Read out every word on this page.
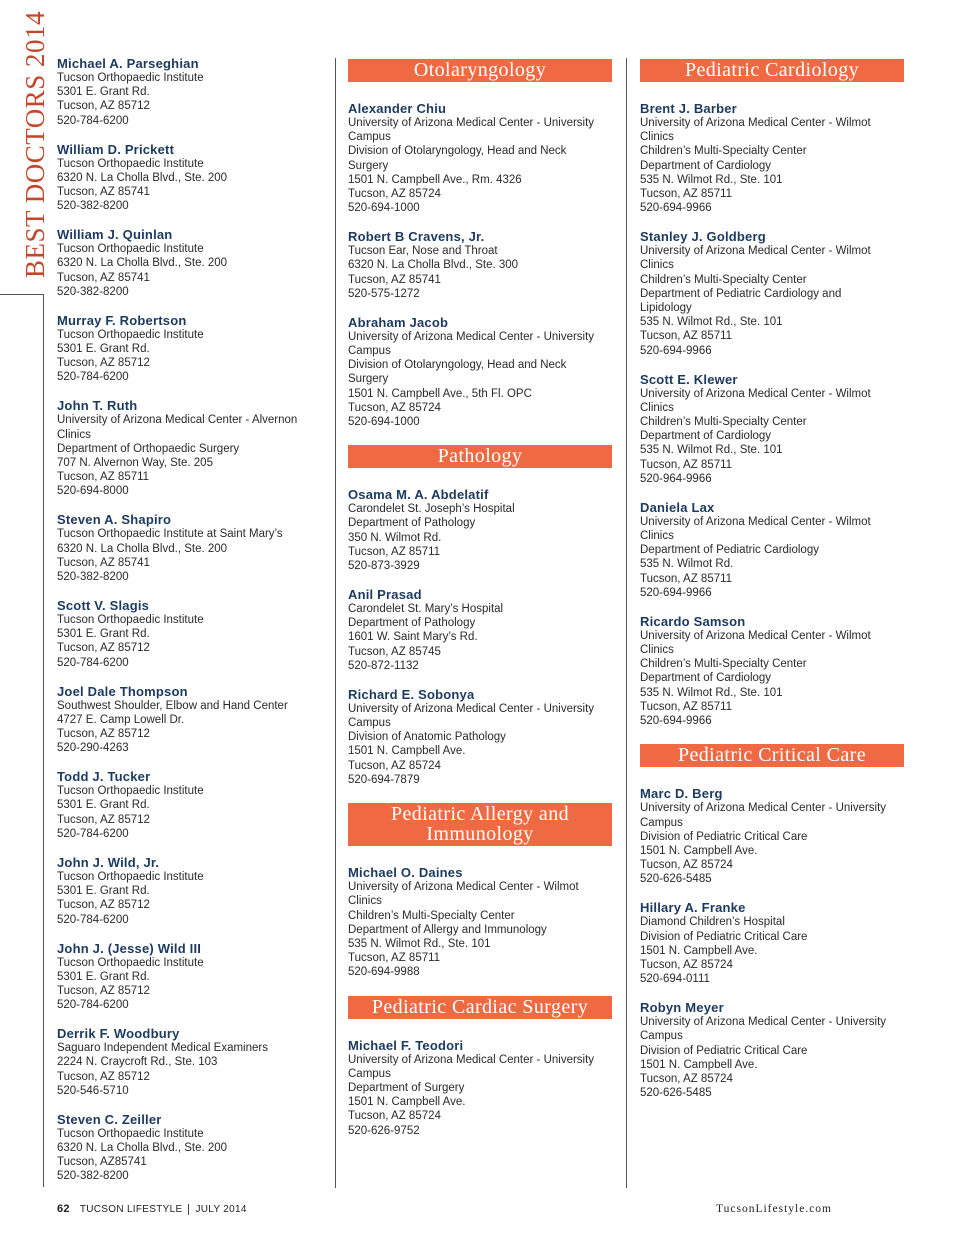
BEST DOCTORS 2014 Michael A. Parseghian
Tucson Orthopaedic Institute
5301 E. Grant Rd.
Tucson, AZ 85712
520-784-6200
William D. Prickett
Tucson Orthopaedic Institute
6320 N. La Cholla Blvd., Ste. 200
Tucson, AZ 85741
520-382-8200
William J. Quinlan
Tucson Orthopaedic Institute
6320 N. La Cholla Blvd., Ste. 200
Tucson, AZ 85741
520-382-8200
Murray F. Robertson
Tucson Orthopaedic Institute
5301 E. Grant Rd.
Tucson, AZ 85712
520-784-6200
John T. Ruth
University of Arizona Medical Center - Alvernon
Clinics
Department of Orthopaedic Surgery
707 N. Alvernon Way, Ste. 205
Tucson, AZ 85711
520-694-8000
Steven A. Shapiro
Tucson Orthopaedic Institute at Saint Mary’s
6320 N. La Cholla Blvd., Ste. 200
Tucson, AZ 85741
520-382-8200
Scott V. Slagis
Tucson Orthopaedic Institute
5301 E. Grant Rd.
Tucson, AZ 85712
520-784-6200
Joel Dale Thompson
Southwest Shoulder, Elbow and Hand Center
4727 E. Camp Lowell Dr.
Tucson, AZ 85712
520-290-4263
Todd J. Tucker
Tucson Orthopaedic Institute
5301 E. Grant Rd.
Tucson, AZ 85712
520-784-6200
John J. Wild, Jr.
Tucson Orthopaedic Institute
5301 E. Grant Rd.
Tucson, AZ 85712
520-784-6200
John J. (Jesse) Wild III
Tucson Orthopaedic Institute
5301 E. Grant Rd.
Tucson, AZ 85712
520-784-6200
Derrik F. Woodbury
Saguaro Independent Medical Examiners
2224 N. Craycroft Rd., Ste. 103
Tucson, AZ 85712
520-546-5710
Steven C. Zeiller
Tucson Orthopaedic Institute
6320 N. La Cholla Blvd., Ste. 200
Tucson, AZ85741
520-382-8200
Otolaryngology
Alexander Chiu
University of Arizona Medical Center - University
Campus
Division of Otolaryngology, Head and Neck
Surgery
1501 N. Campbell Ave., Rm. 4326
Tucson, AZ 85724
520-694-1000
Robert B Cravens, Jr.
Tucson Ear, Nose and Throat
6320 N. La Cholla Blvd., Ste. 300
Tucson, AZ 85741
520-575-1272
Abraham Jacob
University of Arizona Medical Center - University
Campus
Division of Otolaryngology, Head and Neck
Surgery
1501 N. Campbell Ave., 5th Fl. OPC
Tucson, AZ 85724
520-694-1000
Pathology
Osama M. A. Abdelatif
Carondelet St. Joseph’s Hospital
Department of Pathology
350 N. Wilmot Rd.
Tucson, AZ 85711
520-873-3929
Anil Prasad
Carondelet St. Mary’s Hospital
Department of Pathology
1601 W. Saint Mary’s Rd.
Tucson, AZ 85745
520-872-1132
Richard E. Sobonya
University of Arizona Medical Center - University
Campus
Division of Anatomic Pathology
1501 N. Campbell Ave.
Tucson, AZ 85724
520-694-7879
Pediatric Allergy and Immunology
Michael O. Daines
University of Arizona Medical Center - Wilmot
Clinics
Children’s Multi-Specialty Center
Department of Allergy and Immunology
535 N. Wilmot Rd., Ste. 101
Tucson, AZ 85711
520-694-9988
Pediatric Cardiac Surgery
Michael F. Teodori
University of Arizona Medical Center - University
Campus
Department of Surgery
1501 N. Campbell Ave.
Tucson, AZ 85724
520-626-9752
Pediatric Cardiology
Brent J. Barber
University of Arizona Medical Center - Wilmot
Clinics
Children’s Multi-Specialty Center
Department of Cardiology
535 N. Wilmot Rd., Ste. 101
Tucson, AZ 85711
520-694-9966
Stanley J. Goldberg
University of Arizona Medical Center - Wilmot
Clinics
Children’s Multi-Specialty Center
Department of Pediatric Cardiology and
Lipidology
535 N. Wilmot Rd., Ste. 101
Tucson, AZ 85711
520-694-9966
Scott E. Klewer
University of Arizona Medical Center - Wilmot
Clinics
Children’s Multi-Specialty Center
Department of Cardiology
535 N. Wilmot Rd., Ste. 101
Tucson, AZ 85711
520-964-9966
Daniela Lax
University of Arizona Medical Center - Wilmot
Clinics
Department of Pediatric Cardiology
535 N. Wilmot Rd.
Tucson, AZ 85711
520-694-9966
Ricardo Samson
University of Arizona Medical Center - Wilmot
Clinics
Children’s Multi-Specialty Center
Department of Cardiology
535 N. Wilmot Rd., Ste. 101
Tucson, AZ 85711
520-694-9966
Pediatric Critical Care
Marc D. Berg
University of Arizona Medical Center - University
Campus
Division of Pediatric Critical Care
1501 N. Campbell Ave.
Tucson, AZ 85724
520-626-5485
Hillary A. Franke
Diamond Children’s Hospital
Division of Pediatric Critical Care
1501 N. Campbell Ave.
Tucson, AZ 85724
520-694-0111
Robyn Meyer
University of Arizona Medical Center - University
Campus
Division of Pediatric Critical Care
1501 N. Campbell Ave.
Tucson, AZ 85724
520-626-5485
62 TUCSON LIFESTYLE JULY 2014	TucsonLifestyle.com
